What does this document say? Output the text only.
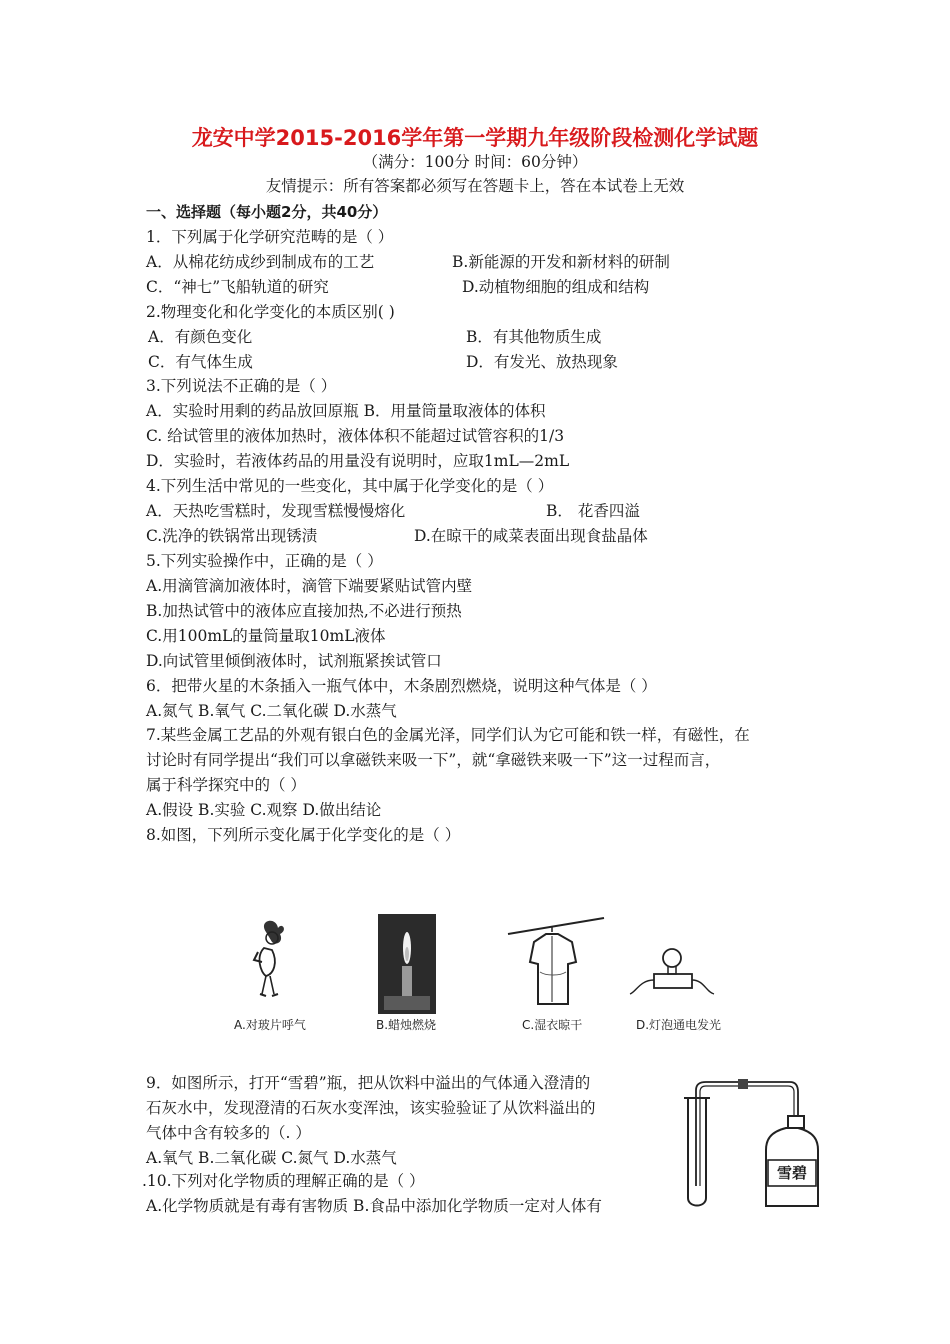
龙安中学2015-2016学年第一学期九年级阶段检测化学试题
（满分：100分 时间：60分钟）
友情提示：所有答案都必须写在答题卡上，答在本试卷上无效
一、选择题（每小题2分，共40分）
1．下列属于化学研究范畴的是（ ）
A．从棉花纺成纱到制成布的工艺	B.新能源的开发和新材料的研制
C．“神七”飞船轨道的研究	D.动植物细胞的组成和结构
2.物理变化和化学变化的本质区别( )
A．有颜色变化	B．有其他物质生成
C．有气体生成	D．有发光、放热现象
3.下列说法不正确的是（ ）
A．实验时用剩的药品放回原瓶 B．用量筒量取液体的体积
C. 给试管里的液体加热时，液体体积不能超过试管容积的1/3
D．实验时，若液体药品的用量没有说明时，应取1mL—2mL
4.下列生活中常见的一些变化，其中属于化学变化的是（ ）
A．天热吃雪糕时，发现雪糕慢慢熔化	B． 花香四溢
C.洗净的铁锅常出现锈渍	D.在晾干的咸菜表面出现食盐晶体
5.下列实验操作中，正确的是（ ）
A.用滴管滴加液体时，滴管下端要紧贴试管内壁
B.加热试管中的液体应直接加热,不必进行预热
C.用100mL的量筒量取10mL液体
D.向试管里倾倒液体时，试剂瓶紧挨试管口
6．把带火星的木条插入一瓶气体中，木条剧烈燃烧，说明这种气体是（ ）
A.氮气 B.氧气 C.二氧化碳 D.水蒸气
7.某些金属工艺品的外观有银白色的金属光泽，同学们认为它可能和铁一样，有磁性，在
讨论时有同学提出“我们可以拿磁铁来吸一下”，就“拿磁铁来吸一下”这一过程而言，
属于科学探究中的（ ）
A.假设 B.实验 C.观察 D.做出结论
8.如图，下列所示变化属于化学变化的是（ ）
A.对玻片呼气	B.蜡烛燃烧	C.湿衣晾干	D.灯泡通电发光
9．如图所示，打开“雪碧”瓶，把从饮料中溢出的气体通入澄清的
石灰水中，发现澄清的石灰水变浑浊，该实验验证了从饮料溢出的
气体中含有较多的（. ）
A.氧气 B.二氧化碳 C.氮气 D.水蒸气
雪碧
.10.下列对化学物质的理解正确的是（ ）
A.化学物质就是有毒有害物质 B.食品中添加化学物质一定对人体有
